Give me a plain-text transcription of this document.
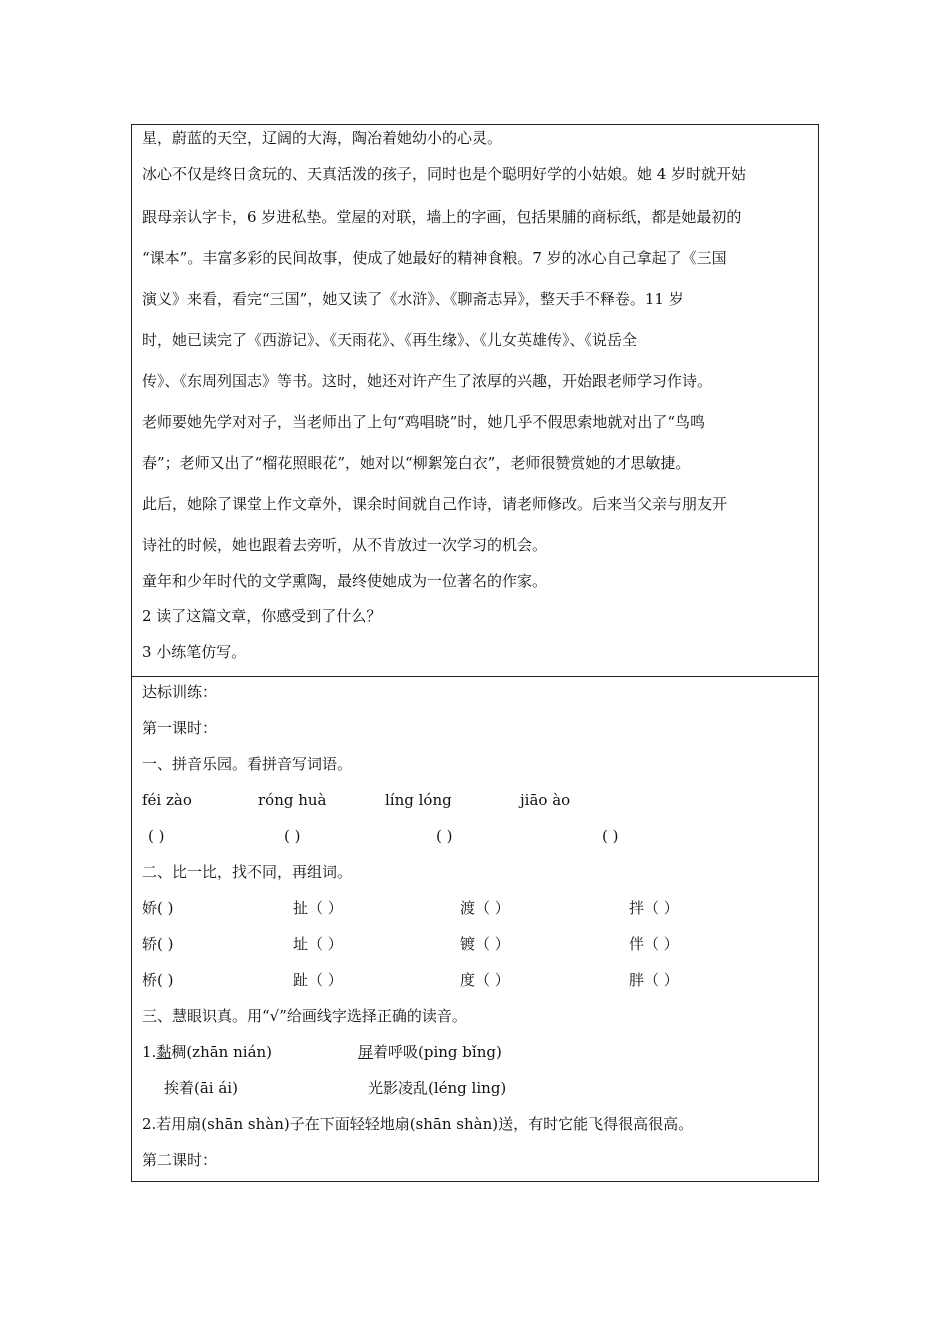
星，蔚蓝的天空，辽阔的大海，陶冶着她幼小的心灵。
冰心不仅是终日贪玩的、天真活泼的孩子，同时也是个聪明好学的小姑娘。她 4 岁时就开姑
跟母亲认字卡，6 岁进私垫。堂屋的对联，墙上的字画，包括果脯的商标纸，都是她最初的
“课本”。丰富多彩的民间故事，使成了她最好的精神食粮。7 岁的冰心自己拿起了《三国
演义》来看，看完“三国”，她又读了《水浒》、《聊斋志异》，整天手不释卷。11 岁
时，她已读完了《西游记》、《天雨花》、《再生缘》、《儿女英雄传》、《说岳全
传》、《东周列国志》等书。这时，她还对许产生了浓厚的兴趣，开始跟老师学习作诗。
老师要她先学对对子，当老师出了上句“鸡唱晓”时，她几乎不假思索地就对出了“鸟鸣
春”；老师又出了“榴花照眼花”，她对以“柳絮笼白衣”，老师很赞赏她的才思敏捷。
此后，她除了课堂上作文章外，课余时间就自己作诗，请老师修改。后来当父亲与朋友开
诗社的时候，她也跟着去旁听，从不肯放过一次学习的机会。
童年和少年时代的文学熏陶，最终使她成为一位著名的作家。
2 读了这篇文章，你感受到了什么？
3 小练笔仿写。
达标训练：
第一课时：
一、拼音乐园。看拼音写词语。
féi zào	róng huà	líng lóng	jiāo ào
( )	( )	( )	( )
二、比一比，找不同，再组词。
娇( )	扯（ ）	渡（ ）	拌（ ）
轿( )	址（ ）	镀（ ）	伴（ ）
桥( )	趾（ ）	度（ ）	胖（ ）
三、慧眼识真。用“√”给画线字选择正确的读音。
1.黏稠(zhān nián)	屏着呼吸(ping bǐng)
挨着(āi ái)	光影凌乱(léng ling)
2.若用扇(shān shàn)子在下面轻轻地扇(shān shàn)送，有时它能飞得很高很高。
第二课时：
